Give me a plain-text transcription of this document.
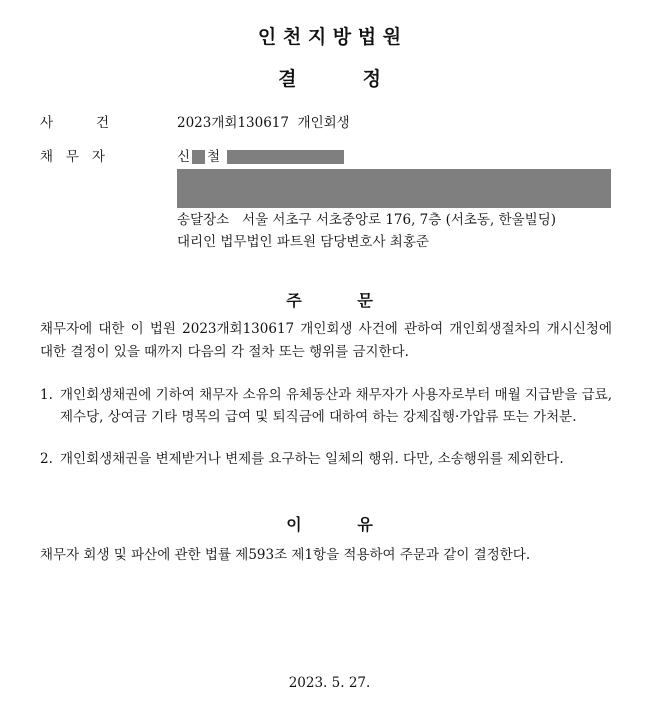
인 천 지 방 법 원
결          정
사          건	2023개회130617  개인회생
채   무   자	신 철
송달장소   서울 서초구 서초중앙로 176, 7층 (서초동, 한울빌딩)
대리인 법무법인 파트원 담당변호사 최홍준
주          문
채무자에 대한 이 법원 2023개회130617 개인회생 사건에 관하여 개인회생절차의 개시신청에 대한 결정이 있을 때까지 다음의 각 절차 또는 행위를 금지한다.
1. 개인회생채권에 기하여 채무자 소유의 유체동산과 채무자가 사용자로부터 매월 지급받을 급료, 제수당, 상여금 기타 명목의 급여 및 퇴직금에 대하여 하는 강제집행·가압류 또는 가처분.
2. 개인회생채권을 변제받거나 변제를 요구하는 일체의 행위. 다만, 소송행위를 제외한다.
이          유
채무자 회생 및 파산에 관한 법률 제593조 제1항을 적용하여 주문과 같이 결정한다.
2023. 5. 27.
